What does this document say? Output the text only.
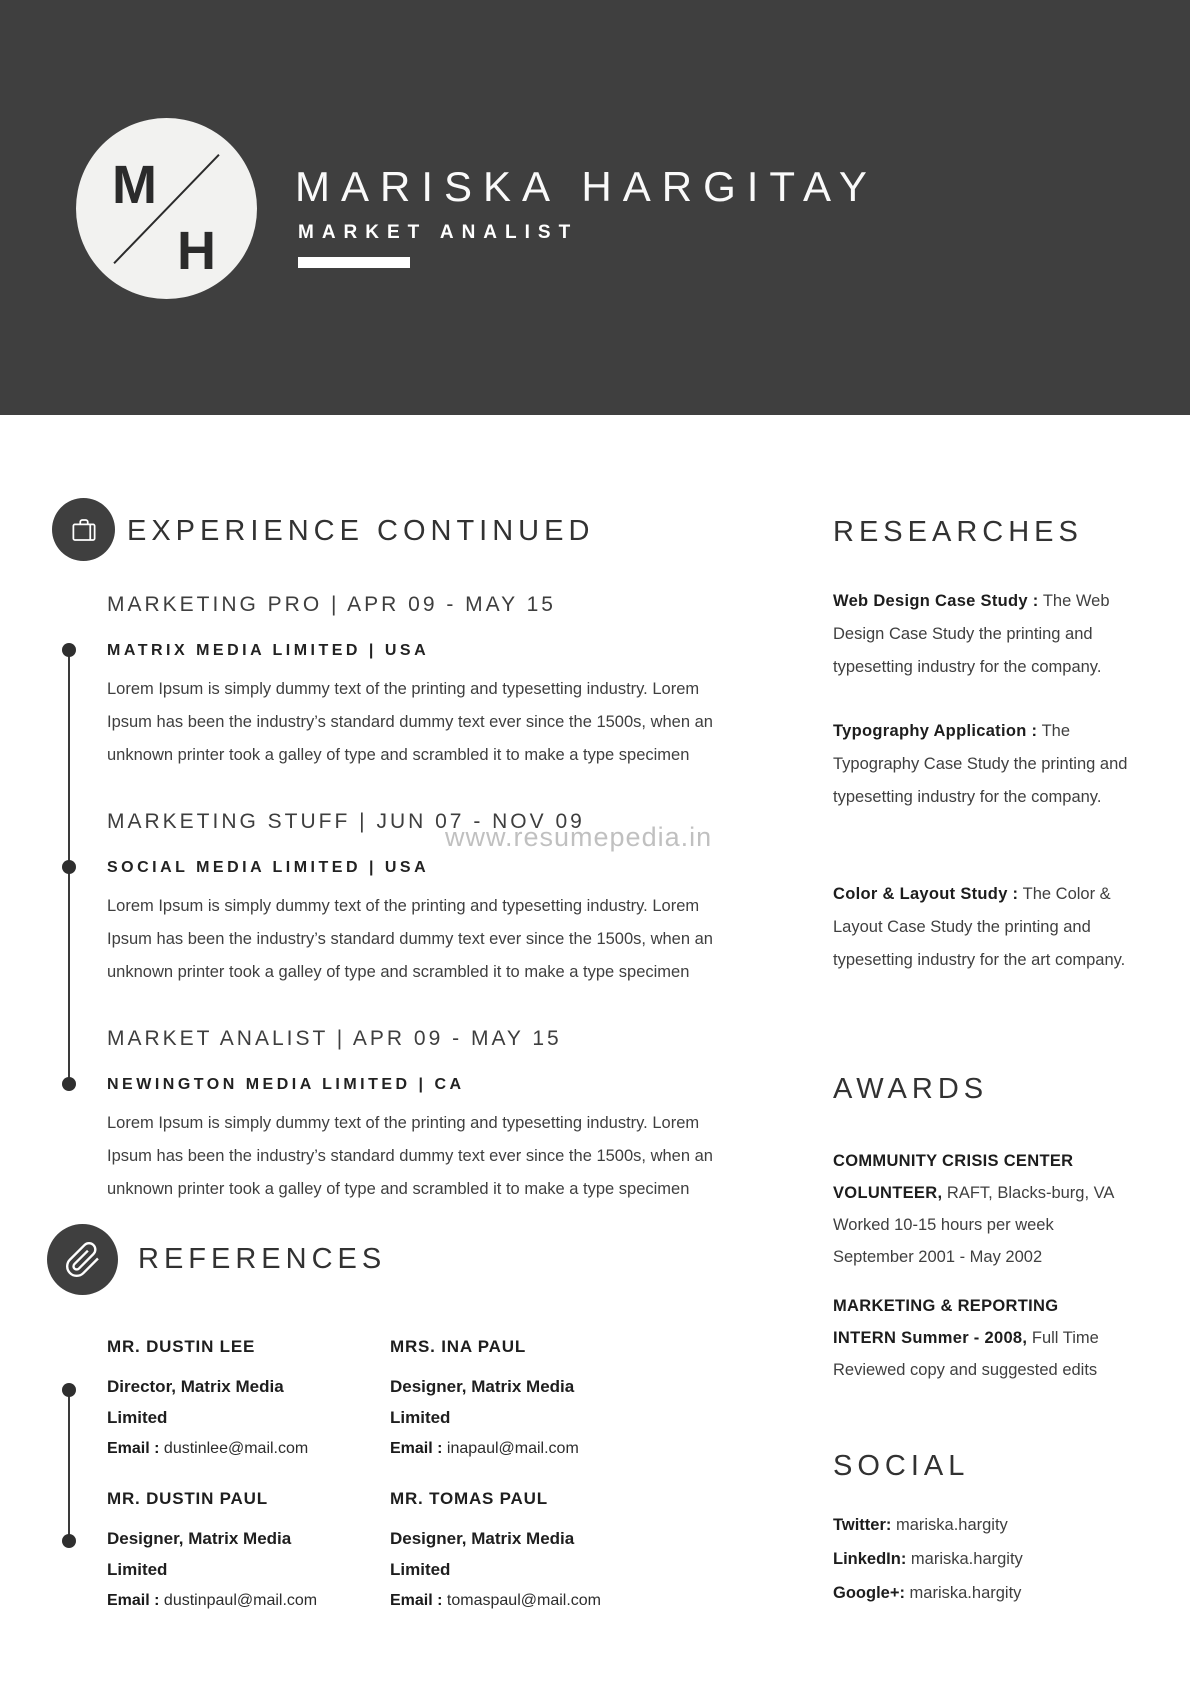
M
H
MARISKA HARGITAY
MARKET ANALIST
EXPERIENCE CONTINUED

MARKETING PRO | APR 09 - MAY 15

MATRIX MEDIA LIMITED | USA

Lorem Ipsum is simply dummy text of the printing and typesetting industry. Lorem Ipsum has been the industry’s standard dummy text ever since the 1500s, when an unknown printer took a galley of type and scrambled it to make a type specimen

MARKETING STUFF | JUN 07 - NOV 09

SOCIAL MEDIA LIMITED | USA

Lorem Ipsum is simply dummy text of the printing and typesetting industry. Lorem Ipsum has been the industry’s standard dummy text ever since the 1500s, when an unknown printer took a galley of type and scrambled it to make a type specimen

MARKET ANALIST | APR 09 - MAY 15

NEWINGTON MEDIA LIMITED | CA

Lorem Ipsum is simply dummy text of the printing and typesetting industry. Lorem Ipsum has been the industry’s standard dummy text ever since the 1500s, when an unknown printer took a galley of type and scrambled it to make a type specimen

www.resumepedia.in
REFERENCES

MR. DUSTIN LEE

Director, Matrix Media Limited

Email : dustinlee@mail.com

MRS. INA PAUL

Designer, Matrix Media Limited

Email : inapaul@mail.com

MR. DUSTIN PAUL

Designer, Matrix Media Limited

Email : dustinpaul@mail.com

MR. TOMAS PAUL

Designer, Matrix Media Limited

Email : tomaspaul@mail.com

RESEARCHES

Web Design Case Study : The Web Design Case Study the printing and typesetting industry for the company.

Typography Application : The Typography Case Study the printing and typesetting industry for the company.

Color & Layout Study : The Color & Layout Case Study the printing and typesetting industry for the art company.

AWARDS

COMMUNITY CRISIS CENTER VOLUNTEER, RAFT, Blacks-burg, VA

Worked 10-15 hours per week

September 2001 - May 2002

MARKETING & REPORTING INTERN Summer - 2008, Full Time

Reviewed copy and suggested edits

SOCIAL
Twitter: mariska.hargity
LinkedIn: mariska.hargity
Google+: mariska.hargity
